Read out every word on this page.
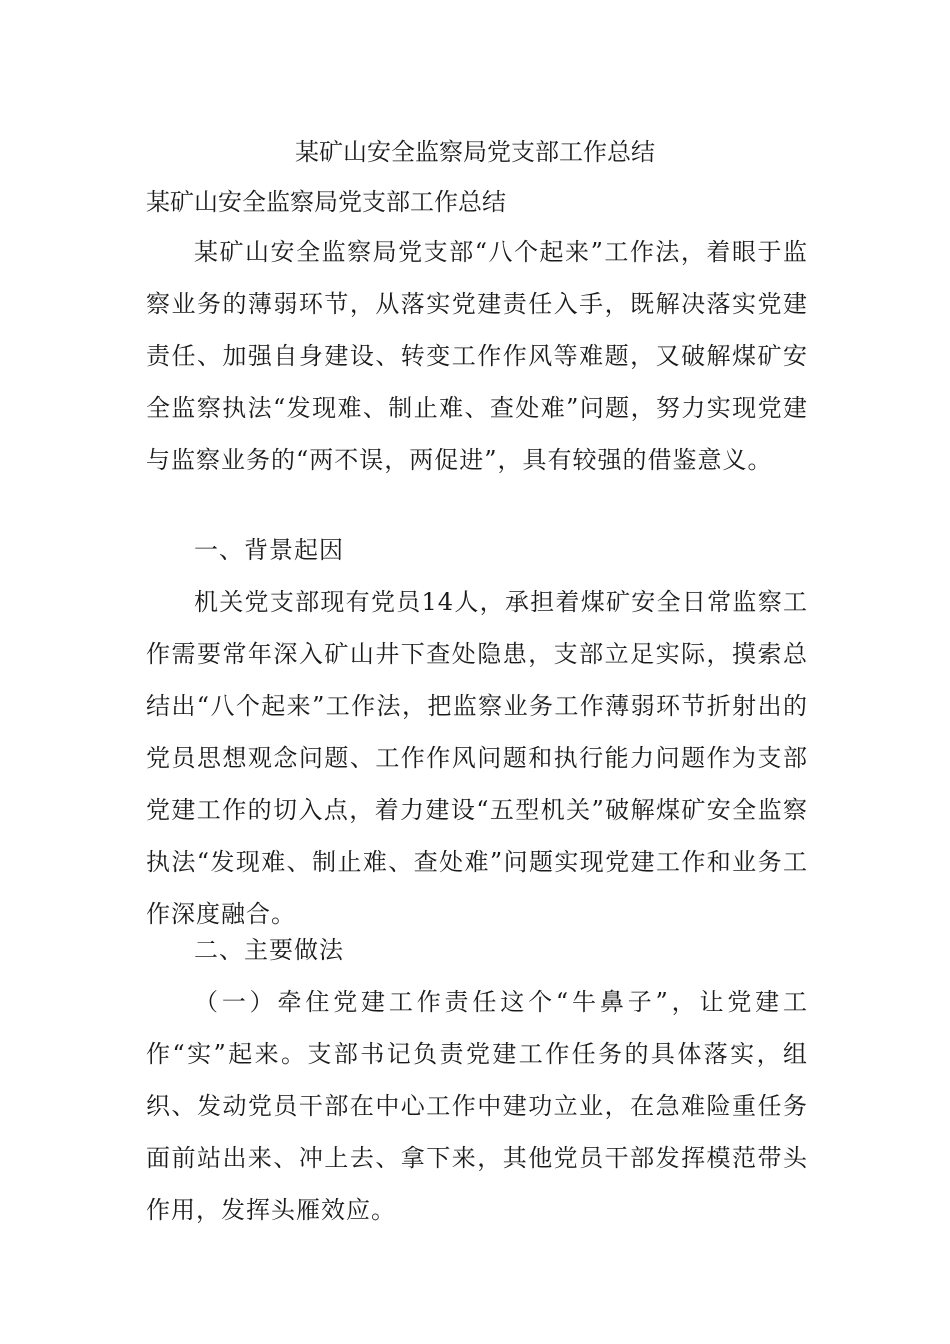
某矿山安全监察局党支部工作总结
某矿山安全监察局党支部工作总结

某矿山安全监察局党支部“八个起来”工作法，着眼于监察业务的薄弱环节，从落实党建责任入手，既解决落实党建责任、加强自身建设、转变工作作风等难题，又破解煤矿安全监察执法“发现难、制止难、查处难”问题，努力实现党建与监察业务的“两不误，两促进”，具有较强的借鉴意义。

一、背景起因

机关党支部现有党员14人，承担着煤矿安全日常监察工作需要常年深入矿山井下查处隐患，支部立足实际，摸索总结出“八个起来”工作法，把监察业务工作薄弱环节折射出的党员思想观念问题、工作作风问题和执行能力问题作为支部党建工作的切入点，着力建设“五型机关”破解煤矿安全监察执法“发现难、制止难、查处难”问题实现党建工作和业务工作深度融合。

二、主要做法

（一）牵住党建工作责任这个“牛鼻子”，让党建工作“实”起来。支部书记负责党建工作任务的具体落实，组织、发动党员干部在中心工作中建功立业，在急难险重任务面前站出来、冲上去、拿下来，其他党员干部发挥模范带头作用，发挥头雁效应。
